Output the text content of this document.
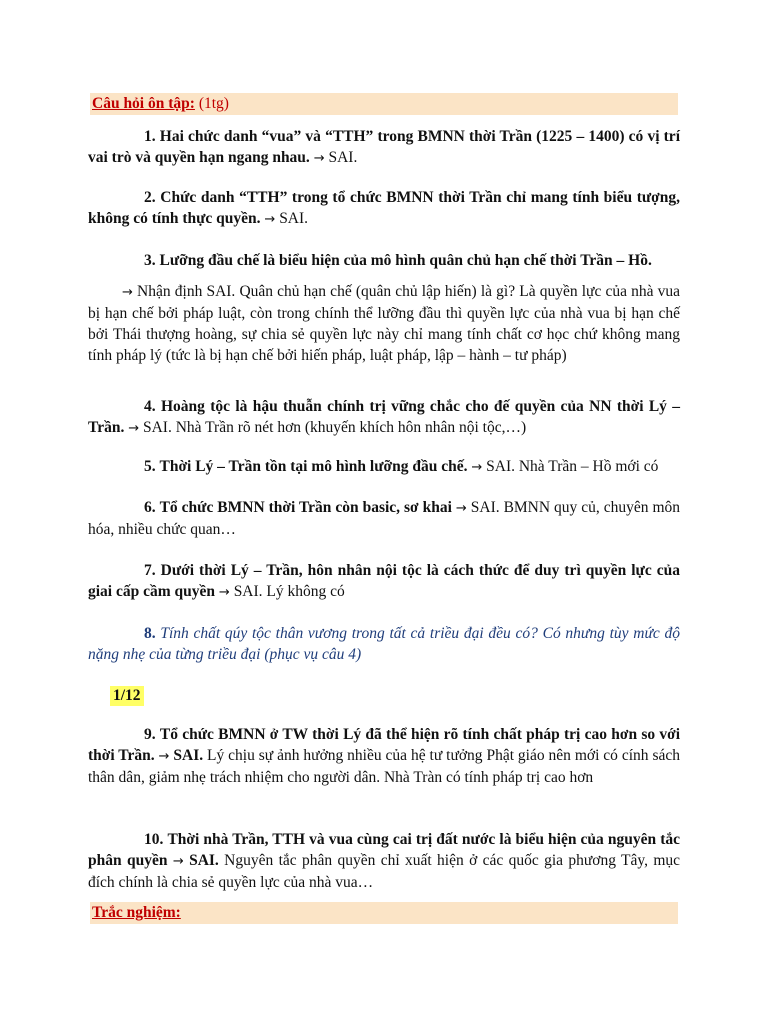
Câu hỏi ôn tập: (1tg)
1. Hai chức danh “vua” và “TTH” trong BMNN thời Trần (1225 – 1400) có vị trí vai trò và quyền hạn ngang nhau. → SAI.
2. Chức danh “TTH” trong tổ chức BMNN thời Trần chỉ mang tính biểu tượng, không có tính thực quyền. → SAI.
3. Lưỡng đầu chế là biểu hiện của mô hình quân chủ hạn chế thời Trần – Hồ.
→ Nhận định SAI. Quân chủ hạn chế (quân chủ lập hiến) là gì? Là quyền lực của nhà vua bị hạn chế bởi pháp luật, còn trong chính thể lưỡng đầu thì quyền lực của nhà vua bị hạn chế bởi Thái thượng hoàng, sự chia sẻ quyền lực này chỉ mang tính chất cơ học chứ không mang tính pháp lý (tức là bị hạn chế bởi hiến pháp, luật pháp, lập – hành – tư pháp)
4. Hoàng tộc là hậu thuẫn chính trị vững chắc cho đế quyền của NN thời Lý – Trần. → SAI. Nhà Trần rõ nét hơn (khuyến khích hôn nhân nội tộc,…)
5. Thời Lý – Trần tồn tại mô hình lưỡng đầu chế. → SAI. Nhà Trần – Hồ mới có
6. Tổ chức BMNN thời Trần còn basic, sơ khai → SAI. BMNN quy củ, chuyên môn hóa, nhiều chức quan…
7. Dưới thời Lý – Trần, hôn nhân nội tộc là cách thức để duy trì quyền lực của giai cấp cầm quyền → SAI. Lý không có
8. Tính chất qúy tộc thân vương trong tất cả triều đại đều có? Có nhưng tùy mức độ nặng nhẹ của từng triều đại (phục vụ câu 4)
1/12
9. Tổ chức BMNN ở TW thời Lý đã thể hiện rõ tính chất pháp trị cao hơn so với thời Trần. → SAI. Lý chịu sự ảnh hưởng nhiều của hệ tư tưởng Phật giáo nên mới có cính sách thân dân, giảm nhẹ trách nhiệm cho người dân. Nhà Tràn có tính pháp trị cao hơn
10. Thời nhà Trần, TTH và vua cùng cai trị đất nước là biểu hiện của nguyên tắc phân quyền → SAI. Nguyên tắc phân quyền chỉ xuất hiện ở các quốc gia phương Tây, mục đích chính là chia sẻ quyền lực của nhà vua…
Trắc nghiệm:
